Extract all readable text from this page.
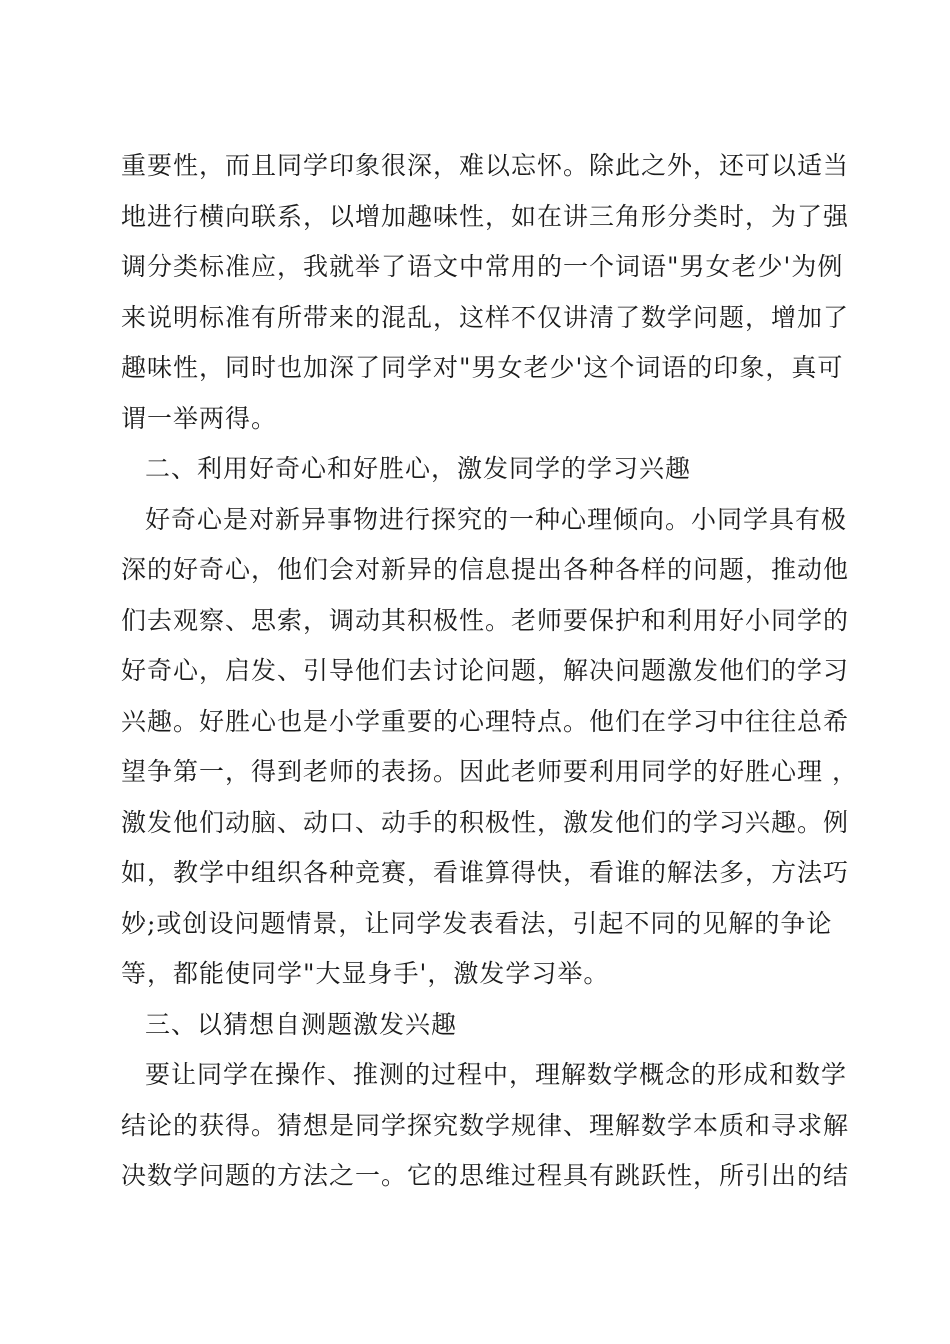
重要性，而且同学印象很深，难以忘怀。除此之外，还可以适当
地进行横向联系，以增加趣味性，如在讲三角形分类时，为了强
调分类标准应，我就举了语文中常用的一个词语"男女老少'为例
来说明标准有所带来的混乱，这样不仅讲清了数学问题，增加了
趣味性，同时也加深了同学对"男女老少'这个词语的印象，真可
谓一举两得。
二、利用好奇心和好胜心，激发同学的学习兴趣
好奇心是对新异事物进行探究的一种心理倾向。小同学具有极
深的好奇心，他们会对新异的信息提出各种各样的问题，推动他
们去观察、思索，调动其积极性。老师要保护和利用好小同学的
好奇心，启发、引导他们去讨论问题，解决问题激发他们的学习
兴趣。好胜心也是小学重要的心理特点。他们在学习中往往总希
望争第一，得到老师的表扬。因此老师要利用同学的好胜心理 ，
激发他们动脑、动口、动手的积极性，激发他们的学习兴趣。例
如，教学中组织各种竞赛，看谁算得快，看谁的解法多，方法巧
妙;或创设问题情景，让同学发表看法，引起不同的见解的争论
等，都能使同学"大显身手'，激发学习举。
三、以猜想自测题激发兴趣
要让同学在操作、推测的过程中，理解数学概念的形成和数学
结论的获得。猜想是同学探究数学规律、理解数学本质和寻求解
决数学问题的方法之一。它的思维过程具有跳跃性，所引出的结
